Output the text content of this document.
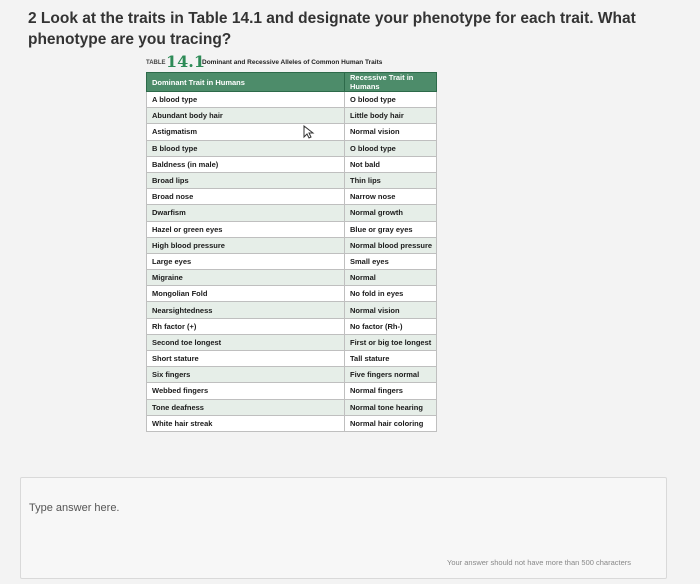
2 Look at the traits in Table 14.1 and designate your phenotype for each trait. What phenotype are you tracing?
TABLE 14.1
Dominant and Recessive Alleles of Common Human Traits
Dominant Trait in Humans	Recessive Trait in Humans
A blood type	O blood type
Abundant body hair	Little body hair
Astigmatism	Normal vision
B blood type	O blood type
Baldness (in male)	Not bald
Broad lips	Thin lips
Broad nose	Narrow nose
Dwarfism	Normal growth
Hazel or green eyes	Blue or gray eyes
High blood pressure	Normal blood pressure
Large eyes	Small eyes
Migraine	Normal
Mongolian Fold	No fold in eyes
Nearsightedness	Normal vision
Rh factor (+)	No factor (Rh-)
Second toe longest	First or big toe longest
Short stature	Tall stature
Six fingers	Five fingers normal
Webbed fingers	Normal fingers
Tone deafness	Normal tone hearing
White hair streak	Normal hair coloring
Type answer here.
Your answer should not have more than 500 characters
